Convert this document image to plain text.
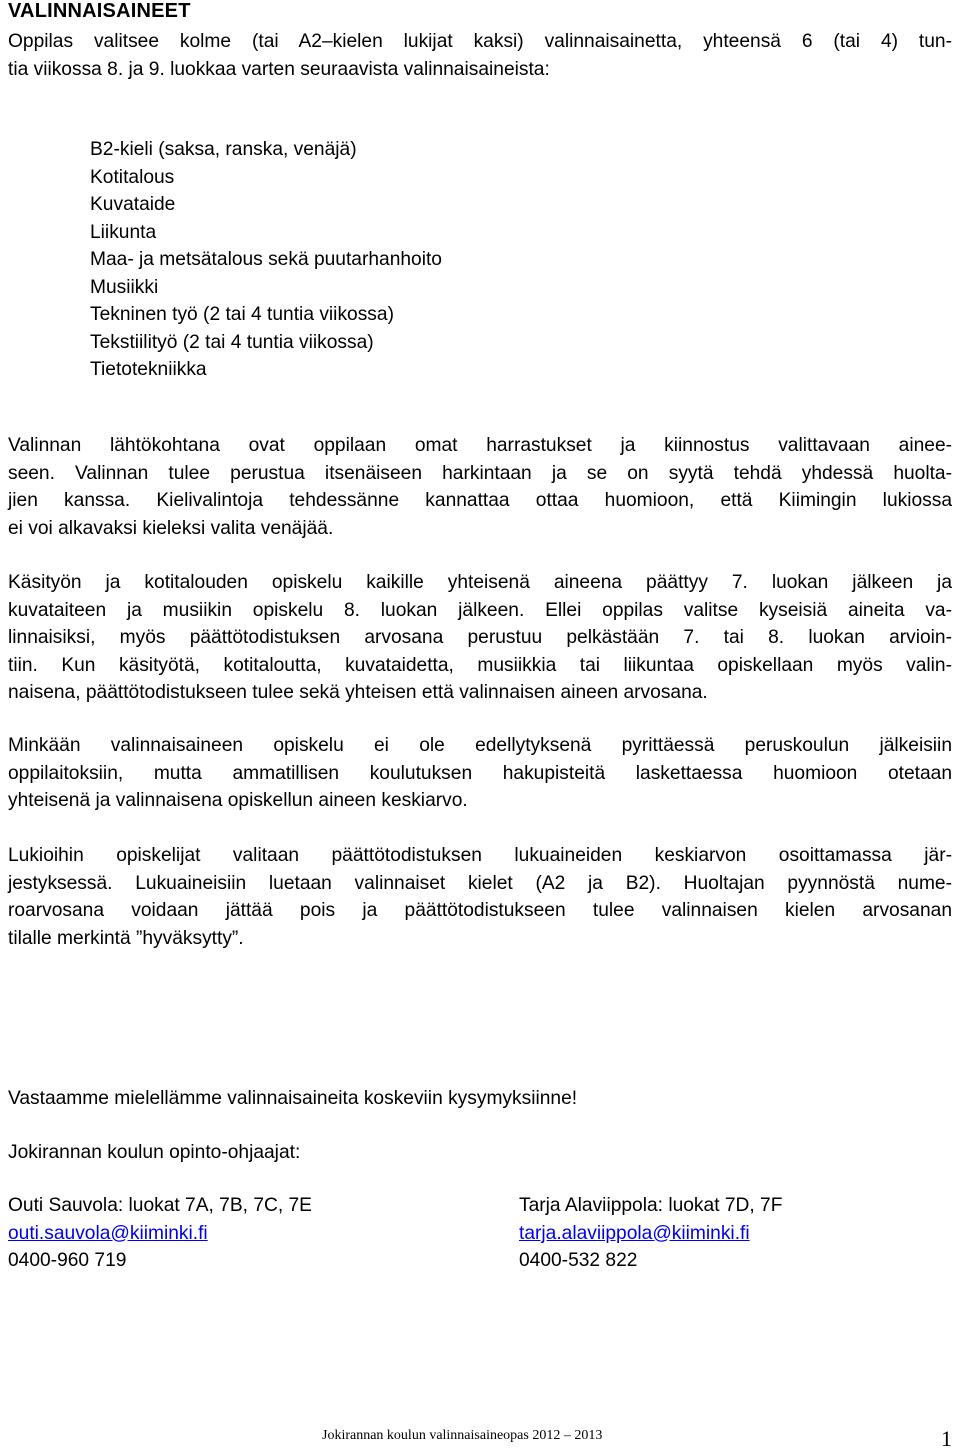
VALINNAISAINEET
Oppilas valitsee kolme (tai A2–kielen lukijat kaksi) valinnaisainetta, yhteensä 6 (tai 4) tun-
tia viikossa 8. ja 9. luokkaa varten seuraavista valinnaisaineista:
B2-kieli (saksa, ranska, venäjä)
Kotitalous
Kuvataide
Liikunta
Maa- ja metsätalous sekä puutarhanhoito
Musiikki
Tekninen työ (2 tai 4 tuntia viikossa)
Tekstiilityö (2 tai 4 tuntia viikossa)
Tietotekniikka
Valinnan lähtökohtana ovat oppilaan omat harrastukset ja kiinnostus valittavaan ainee-
seen. Valinnan tulee perustua itsenäiseen harkintaan ja se on syytä tehdä yhdessä huolta-
jien kanssa. Kielivalintoja tehdessänne kannattaa ottaa huomioon, että Kiimingin lukiossa
ei voi alkavaksi kieleksi valita venäjää.
Käsityön ja kotitalouden opiskelu kaikille yhteisenä aineena päättyy 7. luokan jälkeen ja
kuvataiteen ja musiikin opiskelu 8. luokan jälkeen. Ellei oppilas valitse kyseisiä aineita va-
linnaisiksi, myös päättötodistuksen arvosana perustuu pelkästään 7. tai 8. luokan arvioin-
tiin. Kun käsityötä, kotitaloutta, kuvataidetta, musiikkia tai liikuntaa opiskellaan myös valin-
naisena, päättötodistukseen tulee sekä yhteisen että valinnaisen aineen arvosana.
Minkään valinnaisaineen opiskelu ei ole edellytyksenä pyrittäessä peruskoulun jälkeisiin
oppilaitoksiin, mutta ammatillisen koulutuksen hakupisteitä laskettaessa huomioon otetaan
yhteisenä ja valinnaisena opiskellun aineen keskiarvo.
Lukioihin opiskelijat valitaan päättötodistuksen lukuaineiden keskiarvon osoittamassa jär-
jestyksessä. Lukuaineisiin luetaan valinnaiset kielet (A2 ja B2). Huoltajan pyynnöstä nume-
roarvosana voidaan jättää pois ja päättötodistukseen tulee valinnaisen kielen arvosanan
tilalle merkintä ”hyväksytty”.
Vastaamme mielellämme valinnaisaineita koskeviin kysymyksiinne!
Jokirannan koulun opinto-ohjaajat:
Outi Sauvola: luokat 7A, 7B, 7C, 7E
outi.sauvola@kiiminki.fi
0400-960 719
Tarja Alaviippola: luokat 7D, 7F
tarja.alaviippola@kiiminki.fi
0400-532 822
Jokirannan koulun valinnaisaineopas 2012 – 2013	1
